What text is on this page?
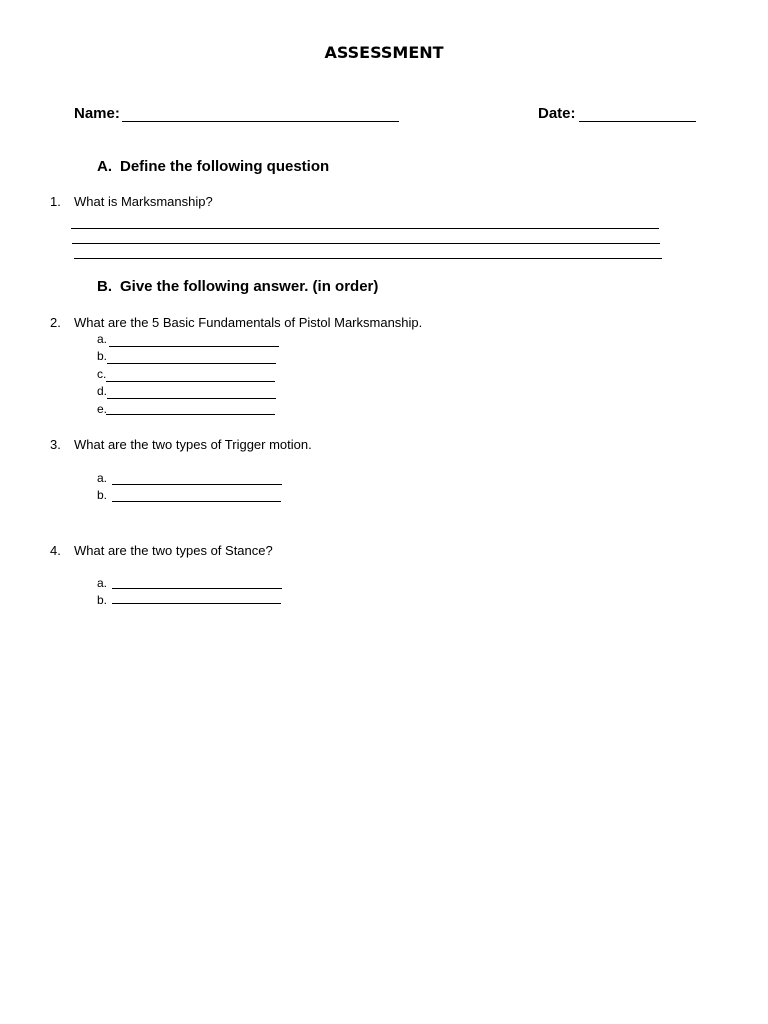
ASSESSMENT
Name:	Date:
A. Define the following question
1. What is Marksmanship?
B. Give the following answer. (in order)
2. What are the 5 Basic Fundamentals of Pistol Marksmanship.
a.
b.
c.
d.
e.
3. What are the two types of Trigger motion.
a.
b.
4. What are the two types of Stance?
a.
b.
